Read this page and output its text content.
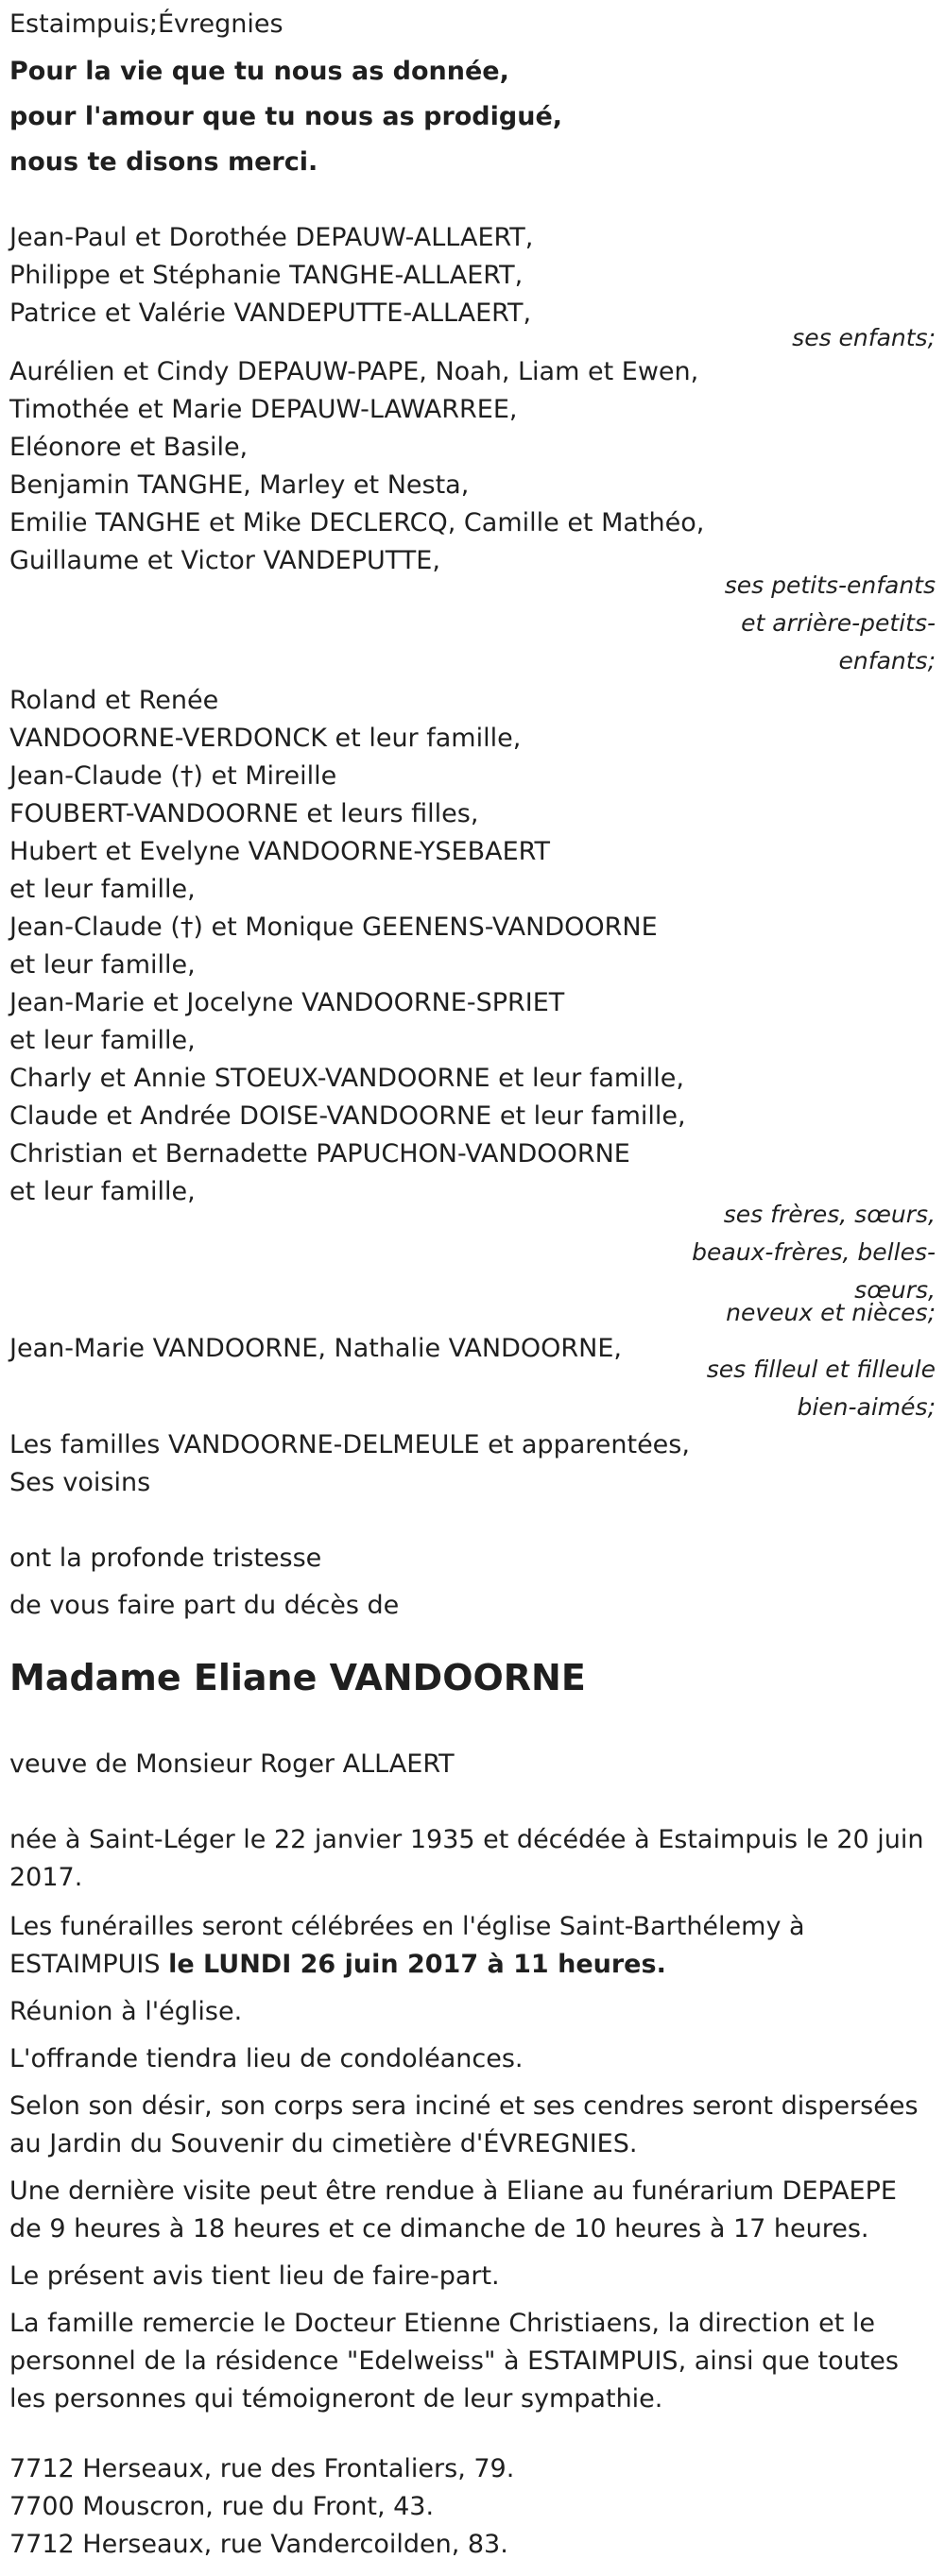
Estaimpuis;Évregnies
Pour la vie que tu nous as donnée,
pour l'amour que tu nous as prodigué,
nous te disons merci.
Jean-Paul et Dorothée DEPAUW-ALLAERT,
Philippe et Stéphanie TANGHE-ALLAERT,
Patrice et Valérie VANDEPUTTE-ALLAERT,
ses enfants;
Aurélien et Cindy DEPAUW-PAPE, Noah, Liam et Ewen,
Timothée et Marie DEPAUW-LAWARREE,
Eléonore et Basile,
Benjamin TANGHE, Marley et Nesta,
Emilie TANGHE et Mike DECLERCQ, Camille et Mathéo,
Guillaume et Victor VANDEPUTTE,
ses petits-enfants
et arrière-petits-
enfants;
Roland et Renée
VANDOORNE-VERDONCK et leur famille,
Jean-Claude (†) et Mireille
FOUBERT-VANDOORNE et leurs filles,
Hubert et Evelyne VANDOORNE-YSEBAERT
et leur famille,
Jean-Claude (†) et Monique GEENENS-VANDOORNE
et leur famille,
Jean-Marie et Jocelyne VANDOORNE-SPRIET
et leur famille,
Charly et Annie STOEUX-VANDOORNE et leur famille,
Claude et Andrée DOISE-VANDOORNE et leur famille,
Christian et Bernadette PAPUCHON-VANDOORNE
et leur famille,
ses frères, sœurs,
beaux-frères, belles-
sœurs,
neveux et nièces;
Jean-Marie VANDOORNE, Nathalie VANDOORNE,
ses filleul et filleule
bien-aimés;
Les familles VANDOORNE-DELMEULE et apparentées,
Ses voisins
ont la profonde tristesse
de vous faire part du décès de
Madame Eliane VANDOORNE
veuve de Monsieur Roger ALLAERT
née à Saint-Léger le 22 janvier 1935 et décédée à Estaimpuis le 20 juin 2017.
Les funérailles seront célébrées en l'église Saint-Barthélemy à ESTAIMPUIS le LUNDI 26 juin 2017 à 11 heures.
Réunion à l'église.
L'offrande tiendra lieu de condoléances.
Selon son désir, son corps sera inciné et ses cendres seront dispersées au Jardin du Souvenir du cimetière d'ÉVREGNIES.
Une dernière visite peut être rendue à Eliane au funérarium DEPAEPE de 9 heures à 18 heures et ce dimanche de 10 heures à 17 heures.
Le présent avis tient lieu de faire-part.
La famille remercie le Docteur Etienne Christiaens, la direction et le personnel de la résidence "Edelweiss" à ESTAIMPUIS, ainsi que toutes les personnes qui témoigneront de leur sympathie.
7712 Herseaux, rue des Frontaliers, 79.
7700 Mouscron, rue du Front, 43.
7712 Herseaux, rue Vandercoilden, 83.
